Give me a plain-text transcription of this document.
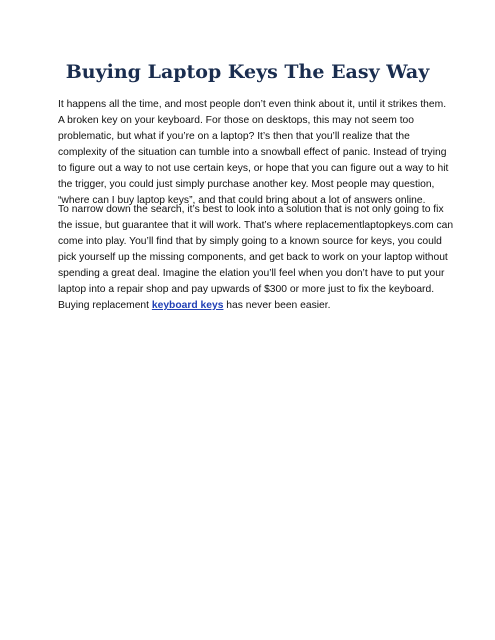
Buying Laptop Keys The Easy Way

It happens all the time, and most people don’t even think about it, until it strikes them.
A broken key on your keyboard. For those on desktops, this may not seem too
problematic, but what if you’re on a laptop? It’s then that you’ll realize that the
complexity of the situation can tumble into a snowball effect of panic. Instead of trying
to figure out a way to not use certain keys, or hope that you can figure out a way to hit
the trigger, you could just simply purchase another key. Most people may question,
“where can I buy laptop keys”, and that could bring about a lot of answers online.

To narrow down the search, it’s best to look into a solution that is not only going to fix
the issue, but guarantee that it will work. That’s where replacementlaptopkeys.com can
come into play. You’ll find that by simply going to a known source for keys, you could
pick yourself up the missing components, and get back to work on your laptop without
spending a great deal. Imagine the elation you’ll feel when you don’t have to put your
laptop into a repair shop and pay upwards of $300 or more just to fix the keyboard.
Buying replacement keyboard keys has never been easier.
